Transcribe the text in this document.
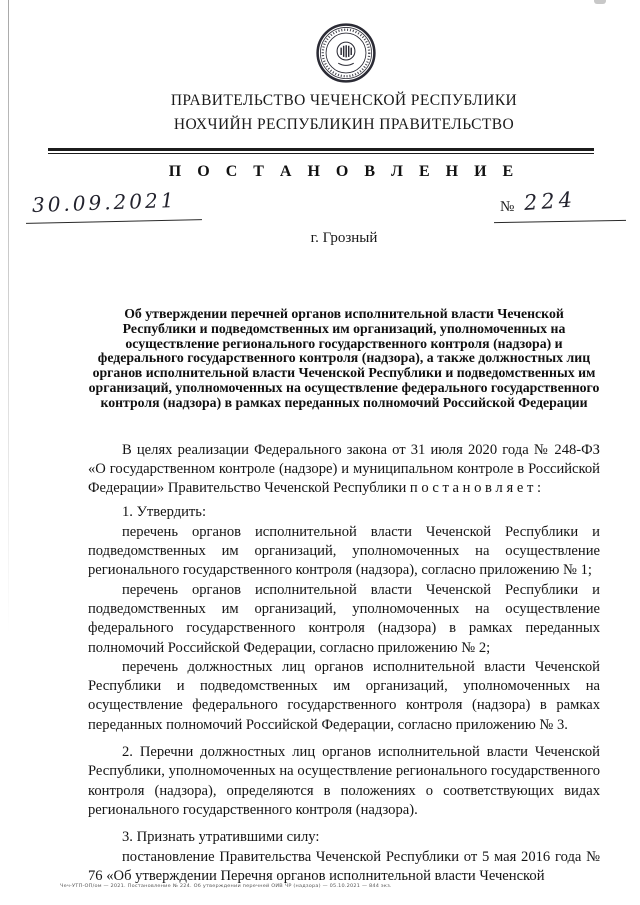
ПРАВИТЕЛЬСТВО ЧЕЧЕНСКОЙ РЕСПУБЛИКИ
НОХЧИЙН РЕСПУБЛИКИН ПРАВИТЕЛЬСТВО
П О С Т А Н О В Л Е Н И Е
30.09.2021	№ 224
г. Грозный
Об утверждении перечней органов исполнительной власти Чеченской Республики и подведомственных им организаций, уполномоченных на осуществление регионального государственного контроля (надзора) и федерального государственного контроля (надзора), а также должностных лиц органов исполнительной власти Чеченской Республики и подведомственных им организаций, уполномоченных на осуществление федерального государственного контроля (надзора) в рамках переданных полномочий Российской Федерации

В целях реализации Федерального закона от 31 июля 2020 года № 248-ФЗ «О государственном контроле (надзоре) и муниципальном контроле в Российской Федерации» Правительство Чеченской Республики п о с т а н о в л я е т :

1. Утвердить:

перечень органов исполнительной власти Чеченской Республики и подведомственных им организаций, уполномоченных на осуществление регионального государственного контроля (надзора), согласно приложению № 1;

перечень органов исполнительной власти Чеченской Республики и подведомственных им организаций, уполномоченных на осуществление федерального государственного контроля (надзора) в рамках переданных полномочий Российской Федерации, согласно приложению № 2;

перечень должностных лиц органов исполнительной власти Чеченской Республики и подведомственных им организаций, уполномоченных на осуществление федерального государственного контроля (надзора) в рамках переданных полномочий Российской Федерации, согласно приложению № 3.

2. Перечни должностных лиц органов исполнительной власти Чеченской Республики, уполномоченных на осуществление регионального государственного контроля (надзора), определяются в положениях о соответствующих видах регионального государственного контроля (надзора).

3. Признать утратившими силу:

постановление Правительства Чеченской Республики от 5 мая 2016 года № 76 «Об утверждении Перечня органов исполнительной власти Чеченской

Чеч-УТП-ОП/ом — 2021. Постановление № 224. Об утверждении перечней ОИВ ЧР (надзора) — 05.10.2021 — 844 экз.
